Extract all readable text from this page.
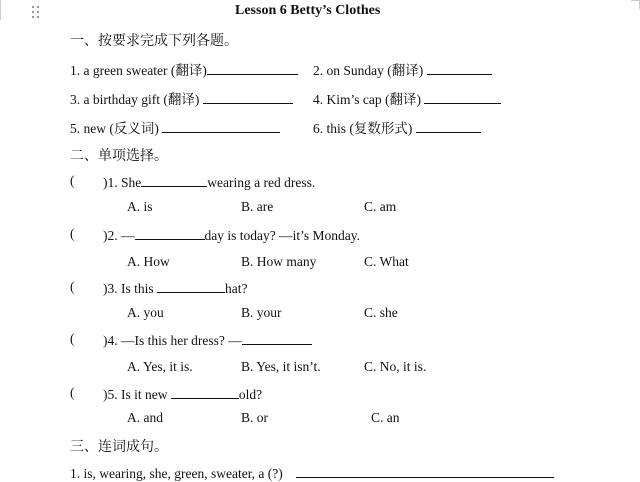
Lesson 6 Betty’s Clothes
一、按要求完成下列各题。
1. a green sweater (翻译)	2. on Sunday (翻译)
3. a birthday gift (翻译)	4. Kim’s cap (翻译)
5. new (反义词)	6. this (复数形式)
二、单项选择。
( )1. She	wearing a red dress.
A. is	B. are	C. am
( )2. —	day is today? —it’s Monday.
A. How	B. How many	C. What
( )3. Is this	hat?
A. you	B. your	C. she
( )4. —Is this her dress? —
A. Yes, it is.	B. Yes, it isn’t.	C. No, it is.
( )5. Is it new	old?
A. and	B. or	C. an
三、连词成句。
1. is, wearing, she, green, sweater, a (?)
